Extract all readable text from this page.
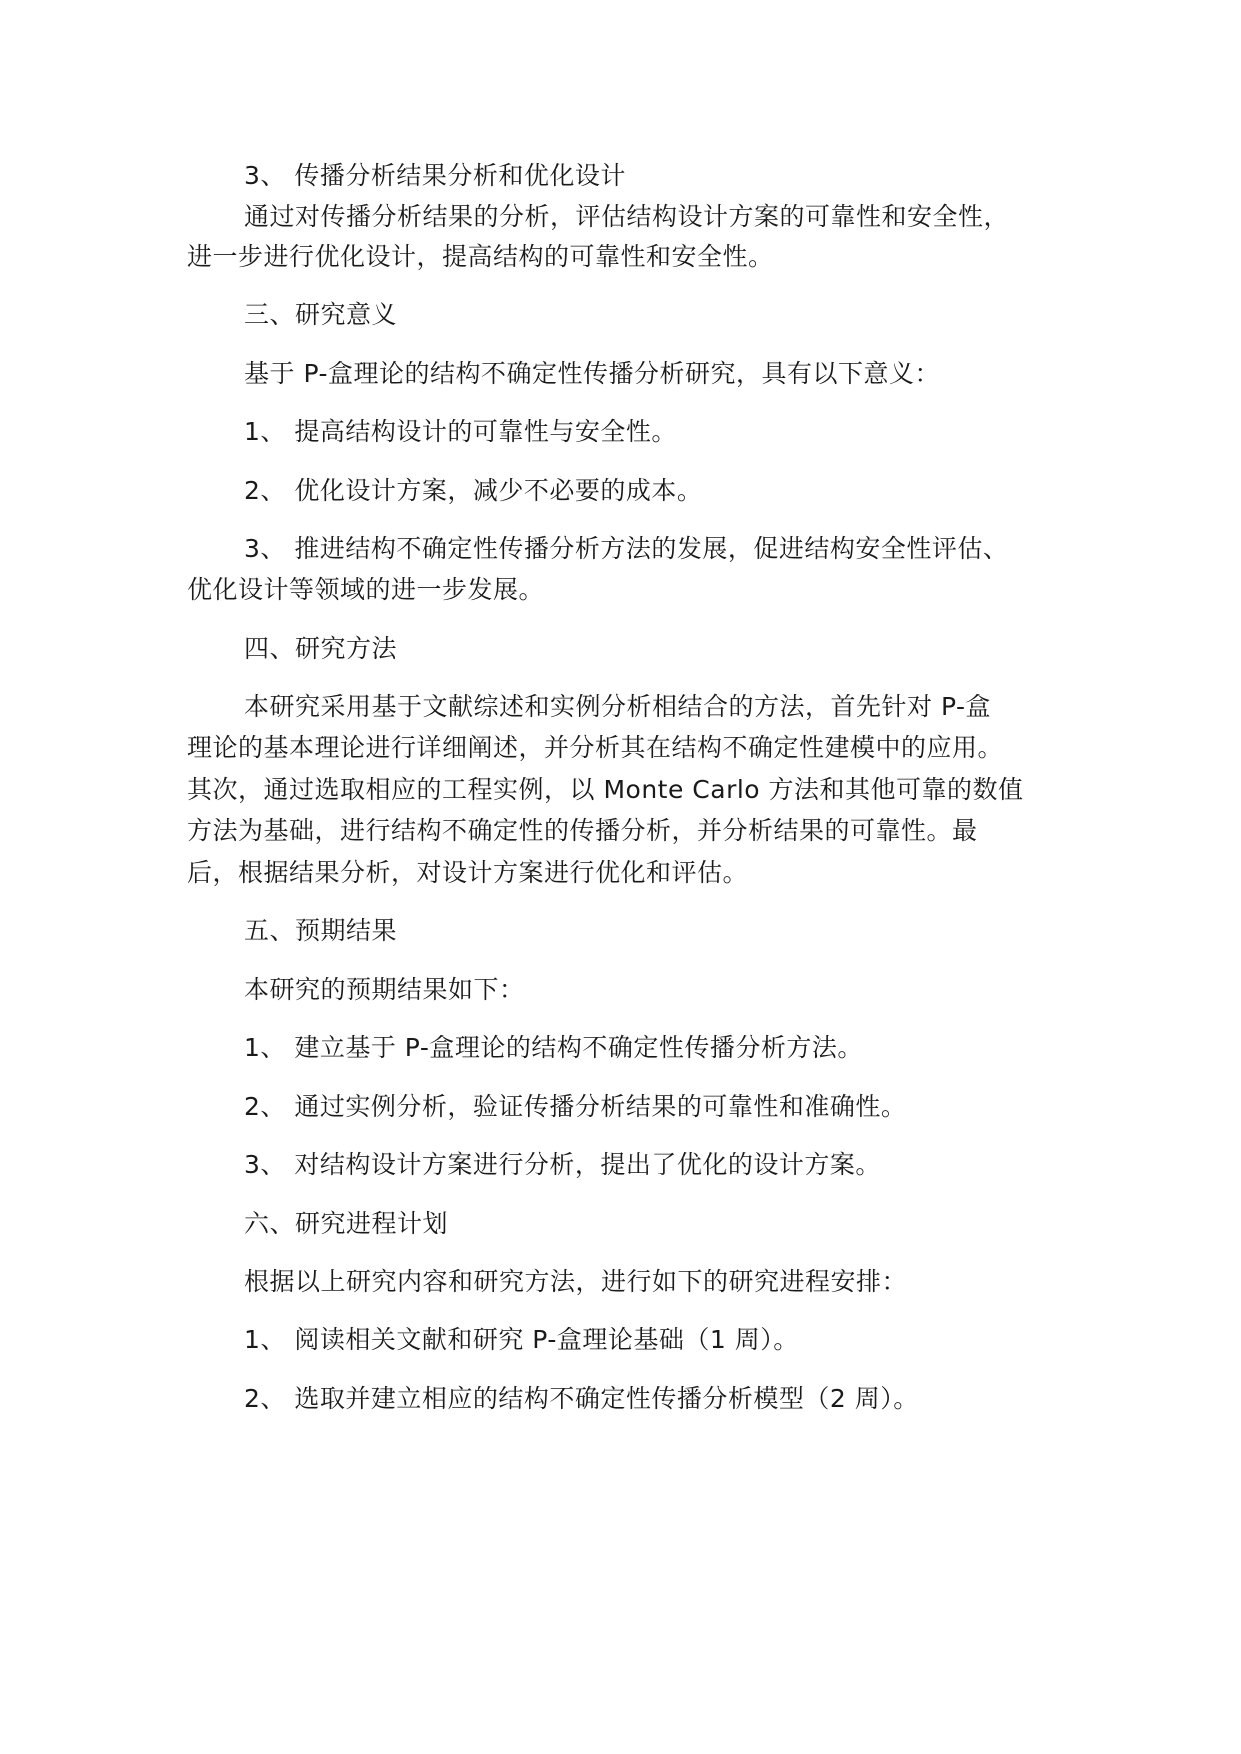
3、 传播分析结果分析和优化设计
通过对传播分析结果的分析，评估结构设计方案的可靠性和安全性，
进一步进行优化设计，提高结构的可靠性和安全性。
三、研究意义
基于 P-盒理论的结构不确定性传播分析研究，具有以下意义：
1、 提高结构设计的可靠性与安全性。
2、 优化设计方案，减少不必要的成本。
3、 推进结构不确定性传播分析方法的发展，促进结构安全性评估、
优化设计等领域的进一步发展。
四、研究方法
本研究采用基于文献综述和实例分析相结合的方法，首先针对 P-盒
理论的基本理论进行详细阐述，并分析其在结构不确定性建模中的应用。
其次，通过选取相应的工程实例，以 Monte Carlo 方法和其他可靠的数值
方法为基础，进行结构不确定性的传播分析，并分析结果的可靠性。最
后，根据结果分析，对设计方案进行优化和评估。
五、预期结果
本研究的预期结果如下：
1、 建立基于 P-盒理论的结构不确定性传播分析方法。
2、 通过实例分析，验证传播分析结果的可靠性和准确性。
3、 对结构设计方案进行分析，提出了优化的设计方案。
六、研究进程计划
根据以上研究内容和研究方法，进行如下的研究进程安排：
1、 阅读相关文献和研究 P-盒理论基础（1 周）。
2、 选取并建立相应的结构不确定性传播分析模型（2 周）。
